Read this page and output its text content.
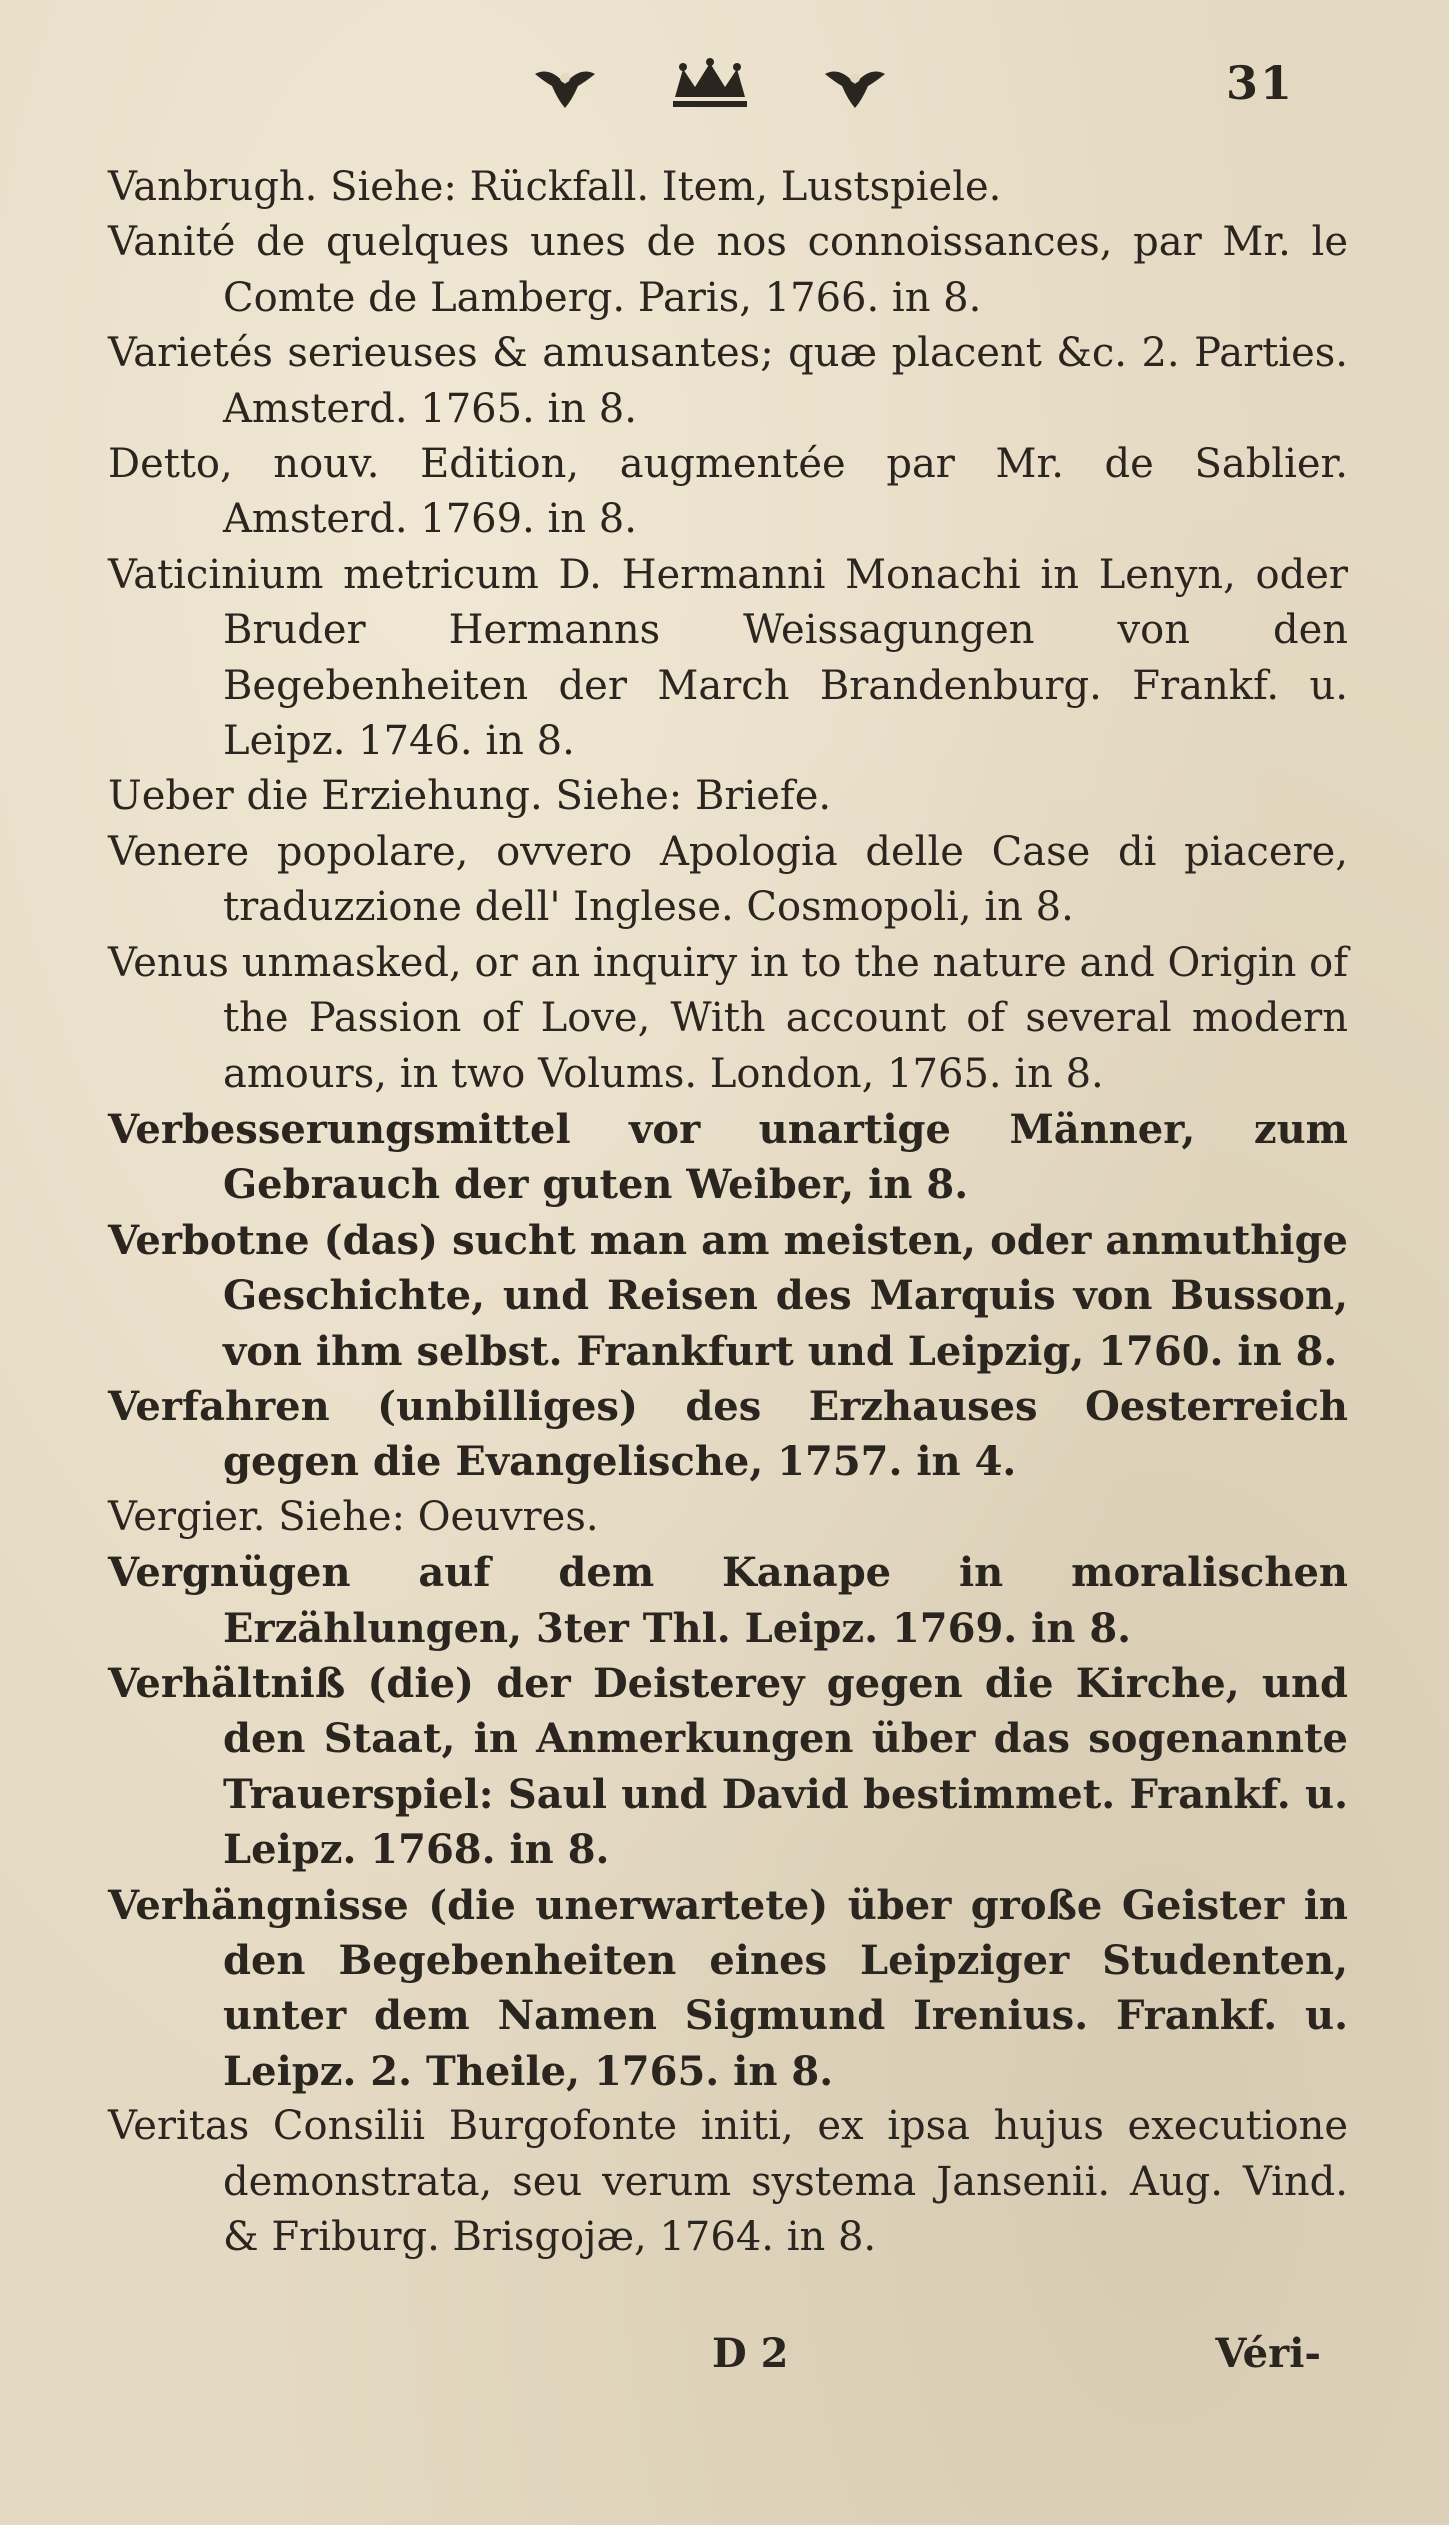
31

Vanbrugh. Siehe: Rückfall. Item, Lustspiele.

Vanité de quelques unes de nos connoissances, par Mr. le Comte de Lamberg. Paris, 1766. in 8.

Varietés serieuses & amusantes; quæ placent &c. 2. Parties. Amsterd. 1765. in 8.

Detto, nouv. Edition, augmentée par Mr. de Sablier. Amsterd. 1769. in 8.

Vaticinium metricum D. Hermanni Monachi in Lenyn, oder Bruder Hermanns Weissagungen von den Begebenheiten der March Brandenburg. Frankf. u. Leipz. 1746. in 8.

Ueber die Erziehung. Siehe: Briefe.

Venere popolare, ovvero Apologia delle Case di piacere, traduzzione dell' Inglese. Cosmopoli, in 8.

Venus unmasked, or an inquiry in to the nature and Origin of the Passion of Love, With account of several modern amours, in two Volums. London, 1765. in 8.

Verbesserungsmittel vor unartige Männer, zum Gebrauch der guten Weiber, in 8.

Verbotne (das) sucht man am meisten, oder anmuthige Geschichte, und Reisen des Marquis von Busson, von ihm selbst. Frankfurt und Leipzig, 1760. in 8.

Verfahren (unbilliges) des Erzhauses Oesterreich gegen die Evangelische, 1757. in 4.

Vergier. Siehe: Oeuvres.

Vergnügen auf dem Kanape in moralischen Erzählungen, 3ter Thl. Leipz. 1769. in 8.

Verhältniß (die) der Deisterey gegen die Kirche, und den Staat, in Anmerkungen über das sogenannte Trauerspiel: Saul und David bestimmet. Frankf. u. Leipz. 1768. in 8.

Verhängnisse (die unerwartete) über große Geister in den Begebenheiten eines Leipziger Studenten, unter dem Namen Sigmund Irenius. Frankf. u. Leipz. 2. Theile, 1765. in 8.

Veritas Consilii Burgofonte initi, ex ipsa hujus executione demonstrata, seu verum systema Jansenii. Aug. Vind. & Friburg. Brisgojæ, 1764. in 8.

D 2	Véri-
